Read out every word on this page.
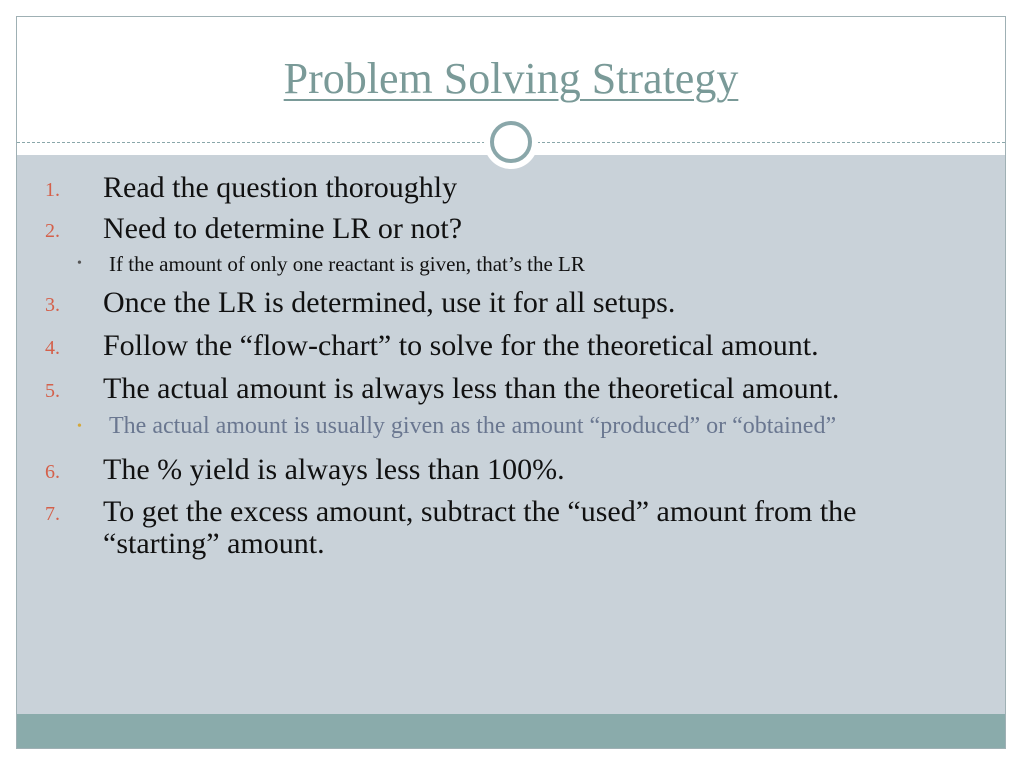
Problem Solving Strategy
1. Read the question thoroughly
2. Need to determine LR or not?
• If the amount of only one reactant is given, that’s the LR
3. Once the LR is determined, use it for all setups.
4. Follow the “flow-chart” to solve for the theoretical amount.
5. The actual amount is always less than the theoretical amount.
• The actual amount is usually given as the amount “produced” or “obtained”
6. The % yield is always less than 100%.
7. To get the excess amount, subtract the “used” amount from the “starting” amount.
